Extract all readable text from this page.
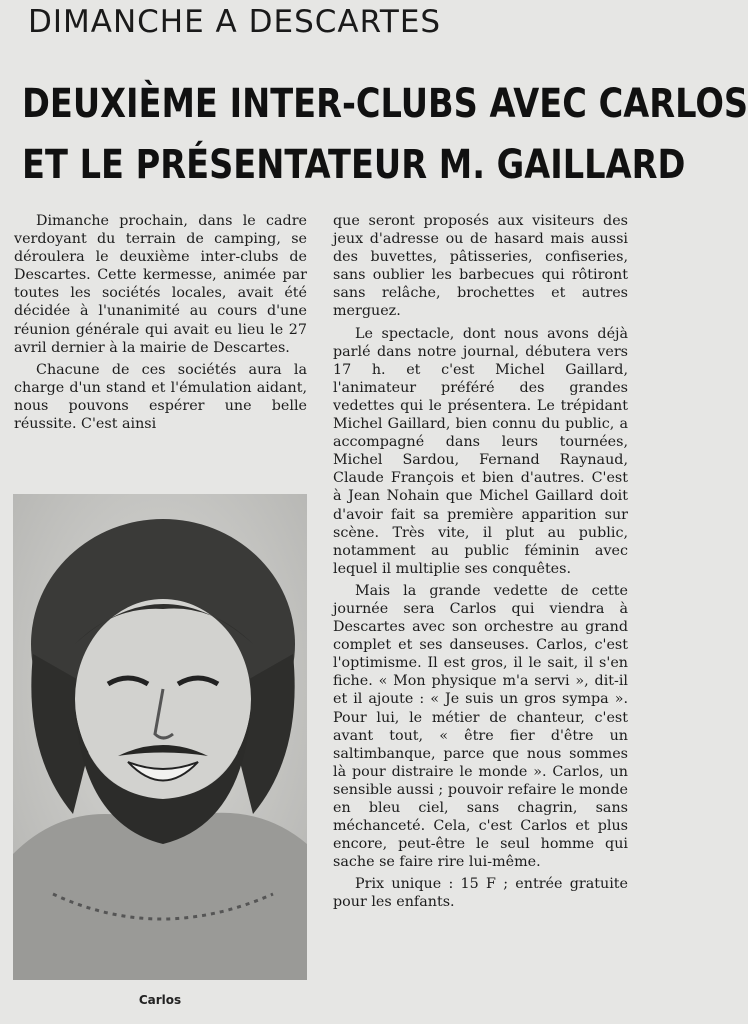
DIMANCHE A DESCARTES
DEUXIÈME INTER-CLUBS AVEC CARLOS
ET LE PRÉSENTATEUR M. GAILLARD

Dimanche prochain, dans le cadre verdoyant du terrain de camping, se déroulera le deuxième inter-clubs de Descartes. Cette kermesse, animée par toutes les sociétés locales, avait été décidée à l'unanimité au cours d'une réunion générale qui avait eu lieu le 27 avril dernier à la mairie de Descartes.

Chacune de ces sociétés aura la charge d'un stand et l'émulation aidant, nous pouvons espérer une belle réussite. C'est ainsi

Carlos

que seront proposés aux visiteurs des jeux d'adresse ou de hasard mais aussi des buvettes, pâtisseries, confiseries, sans oublier les barbecues qui rôtiront sans relâche, brochettes et autres merguez.

Le spectacle, dont nous avons déjà parlé dans notre journal, débutera vers 17 h. et c'est Michel Gaillard, l'animateur préféré des grandes vedettes qui le présentera. Le trépidant Michel Gaillard, bien connu du public, a accompagné dans leurs tournées, Michel Sardou, Fernand Raynaud, Claude François et bien d'autres. C'est à Jean Nohain que Michel Gaillard doit d'avoir fait sa première apparition sur scène. Très vite, il plut au public, notamment au public féminin avec lequel il multiplie ses conquêtes.

Mais la grande vedette de cette journée sera Carlos qui viendra à Descartes avec son orchestre au grand complet et ses danseuses. Carlos, c'est l'optimisme. Il est gros, il le sait, il s'en fiche. « Mon physique m'a servi », dit-il et il ajoute : « Je suis un gros sympa ». Pour lui, le métier de chanteur, c'est avant tout, « être fier d'être un saltimbanque, parce que nous sommes là pour distraire le monde ». Carlos, un sensible aussi ; pouvoir refaire le monde en bleu ciel, sans chagrin, sans méchanceté. Cela, c'est Carlos et plus encore, peut-être le seul homme qui sache se faire rire lui-même.

Prix unique : 15 F ; entrée gratuite pour les enfants.
